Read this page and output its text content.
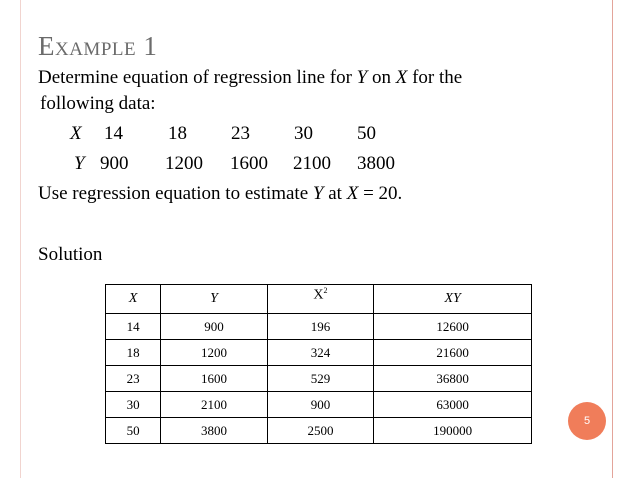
Example 1
Determine equation of regression line for Y on X for the
following data:
X 14 18 23 30 50
Y 900 1200 1600 2100 3800
Use regression equation to estimate Y at X = 20.
Solution
X	Y	$X^2$	XY
14	900	196	12600
18	1200	324	21600
23	1600	529	36800
30	2100	900	63000
50	3800	2500	190000
5
